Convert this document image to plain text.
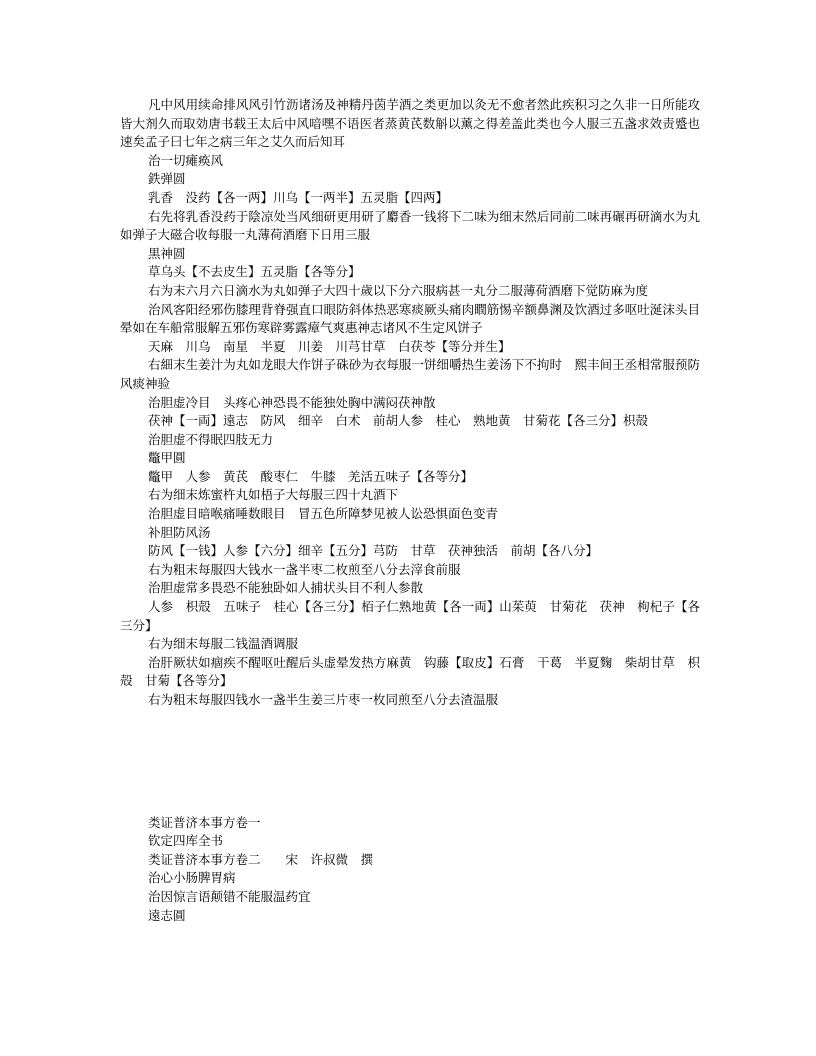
凡中风用续命排风风引竹沥诸汤及神精丹茵芋酒之类更加以灸无不愈者然此疾积习之久非一日所能攻皆大剂久而取効唐书载王太后中风喑嘿不语医者蒸黄芪数斛以薰之得差盖此类也今人服三五盏求效责蹙也速矣孟子曰七年之病三年之艾久而后知耳

治一切瘫痪风

鉄弹圆

乳香　没药【各一两】川乌【一两半】五灵脂【四两】

右先将乳香没药于陰凉处当风细研更用研了麝香一钱将下二味为细末然后同前二味再碾再研滴水为丸如弹子大磁合收每服一丸薄荷酒磨下日用三服

黒神圆

草乌头【不去皮生】五灵脂【各等分】

右为末六月六日滴水为丸如弹子大四十歲以下分六服病甚一丸分二服薄荷酒磨下觉防麻为度

治风客阳经邪伤膝理背脊强直口眼防斜体热恶寒痰厥头痛肉瞤筋惕辛额鼻渊及饮酒过多呕吐涎沫头目　晕如在车船常服解五邪伤寒辟雾露瘴气爽惠神志诸风不生定风饼子

天麻　川乌　南星　半夏　川姜　川芎甘草　白茯苓【等分并生】

右細末生姜汁为丸如龙眼大作饼子硃砂为衣每服一饼细嚼热生姜汤下不拘时　熙丰间王丞相常服预防风痰神验

治胆虚冷目　头疼心神恐畏不能独处胸中满闷茯神散

茯神【一両】遠志　防风　细辛　白术　前胡人参　桂心　熟地黄　甘菊花【各三分】枳殻

治胆虚不得眠四肢无力

鼈甲圓

鼈甲　人参　黄芪　酸枣仁　牛膝　羌活五味子【各等分】

右为细末炼蜜杵丸如梧子大每服三四十丸酒下

治胆虚目暗喉痛唾数眼目　冒五色所障梦见被人讼恐惧面色变青

补胆防风汤

防风【一钱】人参【六分】细辛【五分】芎防　甘草　茯神独活　前胡【各八分】

右为粗末每服四大钱水一盏半枣二枚煎至八分去滓食前服

治胆虚常多畏恐不能独卧如人捕状头目不利人参散

人参　枳殻　五味子　桂心【各三分】栢子仁熟地黄【各一両】山茱萸　甘菊花　茯神　枸杞子【各三分】

右为细末每服二钱温酒调服

治肝厥状如痼疾不醒呕吐醒后头虚晕发热方麻黄　钩藤【取皮】石膏　干葛　半夏麴　柴胡甘草　枳殻　甘菊【各等分】

右为粗末每服四钱水一盏半生姜三片枣一枚同煎至八分去渣温服

类证普济本事方卷一

钦定四库全书

类证普济本事方卷二　　宋　许叔微　撰

治心小肠脾胃病

治因惊言语颠错不能服温药宜

遠志圓
